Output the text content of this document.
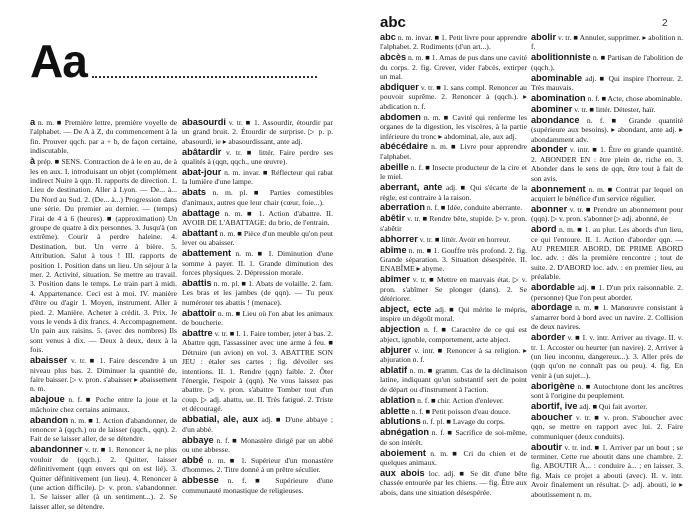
Aa
abc	2

a n. m. ■ Première lettre, première voyelle de l'alphabet. — De A à Z, du commencement à la fin. Prouver qqch. par a + b, de façon certaine, indiscutable.

à prép. ■ SENS. Contraction de à le en au, de à les en aux. I. introduisant un objet (complément indirect Nuire à qqn. II. rapports de direction. 1. Lieu de destination. Aller à Lyon. — De... à... Du Nord au Sud. 2. (De... à...) Progression dans une série. Du premier au dernier. — (temps) J'irai de 4 à 6 (heures). ■ (approximation) Un groupe de quatre à dix personnes. 3. Jusqu'à (un extrême). Courir à perdre haleine. 4. Destination, but. Un verre à bière. 5. Attribution. Salut à tous ! III. rapports de position 1. Position dans un lieu. Un séjour à la mer. 2. Activité, situation. Se mettre au travail. 3. Position dans le temps. Le train part à midi. 4. Appartenance. Ceci est à moi. IV. manière d'être ou d'agir 1. Moyen, instrument. Aller à pied. 2. Manière. Acheter à crédit. 3. Prix. Je vous le vends à dix francs. 4. Accompagnement. Un pain aux raisins. 5. (avec des nombres) Ils sont venus à dix. — Deux à deux, deux à la fois.

abaisser v. tr. ■ 1. Faire descendre à un niveau plus bas. 2. Diminuer la quantité de, faire baisser. ▷ v. pron. s'abaisser ▸ abaissement n. m.

abajoue n. f. ■ Poche entre la joue et la mâchoire chez certains animaux.

abandon n. m. ■ 1. Action d'abandonner, de renoncer à (qqch.) ou de laisser (qqch., qqn). 2. Fait de se laisser aller, de se détendre.

abandonner v. tr. ■ 1. Renoncer à, ne plus vouloir de (qqch.). 2. Quitter, laisser définitivement (qqn envers qui on est lié). 3. Quitter définitivement (un lieu). 4. Renoncer à (une action difficile). ▷ v. pron. s'abandonner. 1. Se laisser aller (à un sentiment...). 2. Se laisser aller, se détendre.

abasourdi v. tr. ■ 1. Assourdir, étourdir par un grand bruit. 2. Étourdir de surprise. ▷ p. p. abasourdi, ie ▸ abasourdissant, ante adj.

abâtardir v. tr. ■ littér. Faire perdre ses qualités à (qqn, qqch., une œuvre).

abat-jour n. m. invar. ■ Réflecteur qui rabat la lumière d'une lampe.

abats n. m. pl. ■ Parties comestibles d'animaux, autres que leur chair (cœur, foie...).

abattage n. m. ■ 1. Action d'abattre. II. AVOIR DE L'ABATTAGE: du brio, de l'entrain.

abattant n. m. ■ Pièce d'un meuble qu'on peut lever ou abaisser.

abattement n. m. ■ I. Diminution d'une somme à payer. II. 1. Grande diminution des forces physiques. 2. Dépression morale.

abattis n. m. pl. ■ 1. Abats de volaille. 2. fam. Les bras et les jambes (de qqn). — Tu peux numéroter tes abattis ! (menace).

abattoir n. m. ■ Lieu où l'on abat les animaux de boucherie.

abattre v. tr. ■ I. 1. Faire tomber, jeter à bas. 2. Abattre qqn, l'assassiner avec une arme à feu. ■ Détruire (un avion) en vol. 3. ABATTRE SON JEU : étaler ses cartes ; fig. dévoiler ses intentions. II. 1. Rendre (qqn) faible. 2. Ôter l'énergie, l'espoir à (qqn). Ne vous laissez pas abattre. ▷ v. pron. s'abattre Tomber tout d'un coup. ▷ adj. abattu, ue. II. Très fatigué. 2. Triste et découragé.

abbatial, ale, aux adj. ■ D'une abbaye ; d'un abbé.

abbaye n. f. ■ Monastère dirigé par un abbé ou une abbesse.

abbé n. m. ■ 1. Supérieur d'un monastère d'hommes. 2. Titre donné à un prêtre séculier.

abbesse n. f. ■ Supérieure d'une communauté monastique de religieuses.

abc n. m. invar. ■ 1. Petit livre pour apprendre l'alphabet. 2. Rudiments (d'un art...).

abcès n. m. ■ 1. Amas de pus dans une cavité du corps. 2. fig. Crever, vider l'abcès, extirper un mal.

abdiquer v. tr. ■ 1. sans compl. Renoncer au pouvoir suprême. 2. Renoncer à (qqch.). ▸ abdication n. f.

abdomen n. m. ■ Cavité qui renferme les organes de la digestion, les viscères, à la partie inférieure du tronc ▸ abdominal, ale, aux adj.

abécédaire n. m. ■ Livre pour apprendre l'alphabet.

abeille n. f. ■ Insecte producteur de la cire et le miel.

aberrant, ante adj. ■ Qui s'écarte de la règle, est contraire à la raison.

aberration n. f. ■ Idée, conduite aberrante.

abêtir v. tr. ■ Rendre bête, stupide. ▷ v. pron. s'abêtir

abhorrer v. tr. ■ littér. Avoir en horreur.

abîme n. m. ■ 1. Gouffre très profond. 2. fig. Grande séparation. 3. Situation désespérée. II. ENABÎME ▸ abyme.

abîmer v. tr. ■ Mettre en mauvais état. ▷ v. pron. s'abîmer Se plonger (dans). 2. Se détériorer.

abject, ecte adj. ■ Qui mérite le mépris, inspire un dégoût moral.

abjection n. f. ■ Caractère de ce qui est abject, ignoble, comportement, acte abject.

abjurer v. intr. ■ Renoncer à sa religion. ▸ abjuration n. f.

ablatif n. m. ■ gramm. Cas de la déclinaison latine, indiquant qu'un substantif sert de point de départ ou d'instrument à l'action.

ablation n. f. ■ chir. Action d'enlever.

ablette n. f. ■ Petit poisson d'eau douce.

ablutions n. f. pl. ■ Lavage du corps.

abnégation n. f. ■ Sacrifice de soi-même, de son intérêt.

aboiement n. m. ■ Cri du chien et de quelques animaux.

aux abois loc. adj. ■ Se dit d'une bête chassée entourée par les chiens. — fig. Être aux abois, dans une situation désespérée.

abolir v. tr. ■ Annuler, supprimer. ▸ abolition n. f.

abolitionniste n. ■ Partisan de l'abolition de (qqch.).

abominable adj. ■ Qui inspire l'horreur. 2. Très mauvais.

abomination n. f. ■ Acte, chose abominable.

abominer v. tr. ■ littér. Détester, haïr.

abondance n. f. ■ Grande quantité (supérieure aux besoins). ▸ abondant, ante adj. ▸ abondamment adv.

abonder v. intr. ■ 1. Être en grande quantité. 2. ABONDER EN : être plein de, riche en. 3. Abonder dans le sens de qqn, être tout à fait de son avis.

abonnement n. m. ■ Contrat par lequel on acquiert le bénéfice d'un service régulier.

abonner v. tr. ■ Prendre un abonnement pour (qqn). ▷ v. pron. s'abonner ▷ adj. abonné, ée

abord n. m. ■ 1. au plur. Les abords d'un lieu, ce qui l'entoure. II. 1. Action d'aborder qqn. — AU PREMIER ABORD, DE PRIME ABORD loc. adv. : dès la première rencontre ; tout de suite. 2. D'ABORD loc. adv. : en premier lieu, au préalable.

abordable adj. ■ 1. D'un prix raisonnable. 2. (personne) Que l'on peut aborder.

abordage n. m. ■ 1. Manœuvre consistant à s'amarrer bord à bord avec un navire. 2. Collision de deux navires.

aborder v. ■ I. v. intr. Arriver au rivage. II. v. tr. 1. Accoster ou heurter (un navire). 2. Arriver à (un lieu inconnu, dangereux...). 3. Aller près de (qqn qu'on ne connaît pas ou peu). 4. fig. En venir à (un sujet...).

aborigène n. ■ Autochtone dont les ancêtres sont à l'origine du peuplement.

abortif, ive adj. ■ Qui fait avorter.

aboucher v. tr. ■ v. pron. S'aboucher avec qqn, se mettre en rapport avec lui. 2. Faire communiquer (deux conduits).

aboutir v. tr. ind. ■ 1. Arriver par un bout ; se terminer. Cette rue aboutit dans une chambre. 2. fig. ABOUTIR À... : conduire à... ; en laisser. 3. fig. Mais ce projet a abouti (avec). II. v. intr. Avoir finalement un résultat. ▷ adj. abouti, ie ▸ aboutissement n. m.
